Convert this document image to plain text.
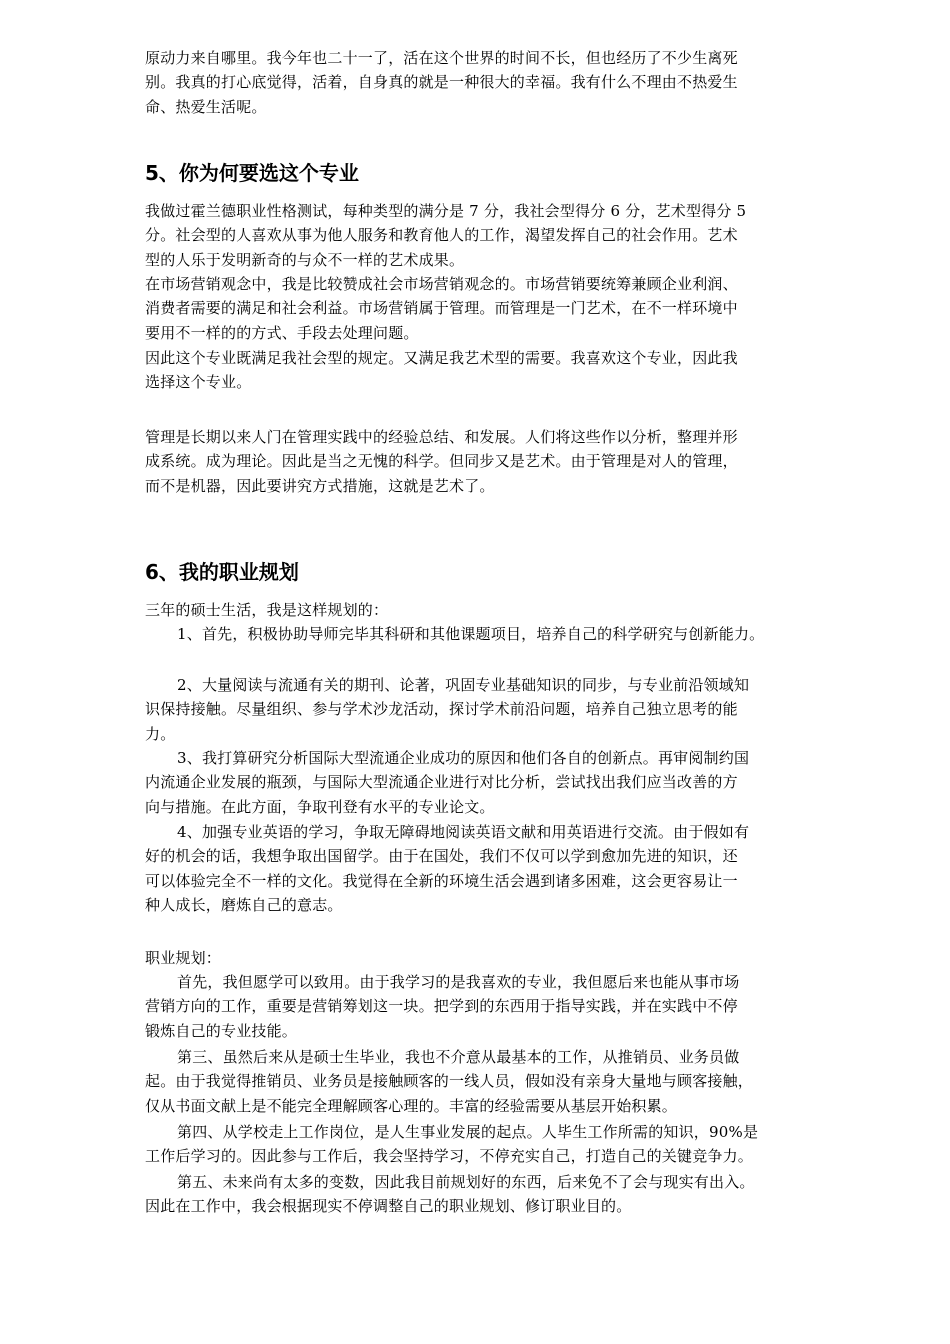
原动力来自哪里。我今年也二十一了，活在这个世界的时间不长，但也经历了不少生离死
别。我真的打心底觉得，活着，自身真的就是一种很大的幸福。我有什么不理由不热爱生
命、热爱生活呢。
5、你为何要选这个专业
我做过霍兰德职业性格测试，每种类型的满分是 7 分，我社会型得分 6 分，艺术型得分 5
分。社会型的人喜欢从事为他人服务和教育他人的工作，渴望发挥自己的社会作用。艺术
型的人乐于发明新奇的与众不一样的艺术成果。
在市场营销观念中，我是比较赞成社会市场营销观念的。市场营销要统筹兼顾企业利润、
消费者需要的满足和社会利益。市场营销属于管理。而管理是一门艺术，在不一样环境中
要用不一样的的方式、手段去处理问题。
因此这个专业既满足我社会型的规定。又满足我艺术型的需要。我喜欢这个专业，因此我
选择这个专业。
管理是长期以来人门在管理实践中的经验总结、和发展。人们将这些作以分析，整理并形
成系统。成为理论。因此是当之无愧的科学。但同步又是艺术。由于管理是对人的管理，
而不是机器，因此要讲究方式措施，这就是艺术了。
6、我的职业规划
三年的硕士生活，我是这样规划的：
1、首先，积极协助导师完毕其科研和其他课题项目，培养自己的科学研究与创新能力。
2、大量阅读与流通有关的期刊、论著，巩固专业基础知识的同步，与专业前沿领域知
识保持接触。尽量组织、参与学术沙龙活动，探讨学术前沿问题，培养自己独立思考的能
力。
3、我打算研究分析国际大型流通企业成功的原因和他们各自的创新点。再审阅制约国
内流通企业发展的瓶颈，与国际大型流通企业进行对比分析，尝试找出我们应当改善的方
向与措施。在此方面，争取刊登有水平的专业论文。
4、加强专业英语的学习，争取无障碍地阅读英语文献和用英语进行交流。由于假如有
好的机会的话，我想争取出国留学。由于在国处，我们不仅可以学到愈加先进的知识，还
可以体验完全不一样的文化。我觉得在全新的环境生活会遇到诸多困难，这会更容易让一
种人成长，磨炼自己的意志。
职业规划：
首先，我但愿学可以致用。由于我学习的是我喜欢的专业，我但愿后来也能从事市场
营销方向的工作，重要是营销筹划这一块。把学到的东西用于指导实践，并在实践中不停
锻炼自己的专业技能。
第三、虽然后来从是硕士生毕业，我也不介意从最基本的工作，从推销员、业务员做
起。由于我觉得推销员、业务员是接触顾客的一线人员，假如没有亲身大量地与顾客接触，
仅从书面文献上是不能完全理解顾客心理的。丰富的经验需要从基层开始积累。
第四、从学校走上工作岗位，是人生事业发展的起点。人毕生工作所需的知识，90%是
工作后学习的。因此参与工作后，我会坚持学习，不停充实自己，打造自己的关键竞争力。
第五、未来尚有太多的变数，因此我目前规划好的东西，后来免不了会与现实有出入。
因此在工作中，我会根据现实不停调整自己的职业规划、修订职业目的。
